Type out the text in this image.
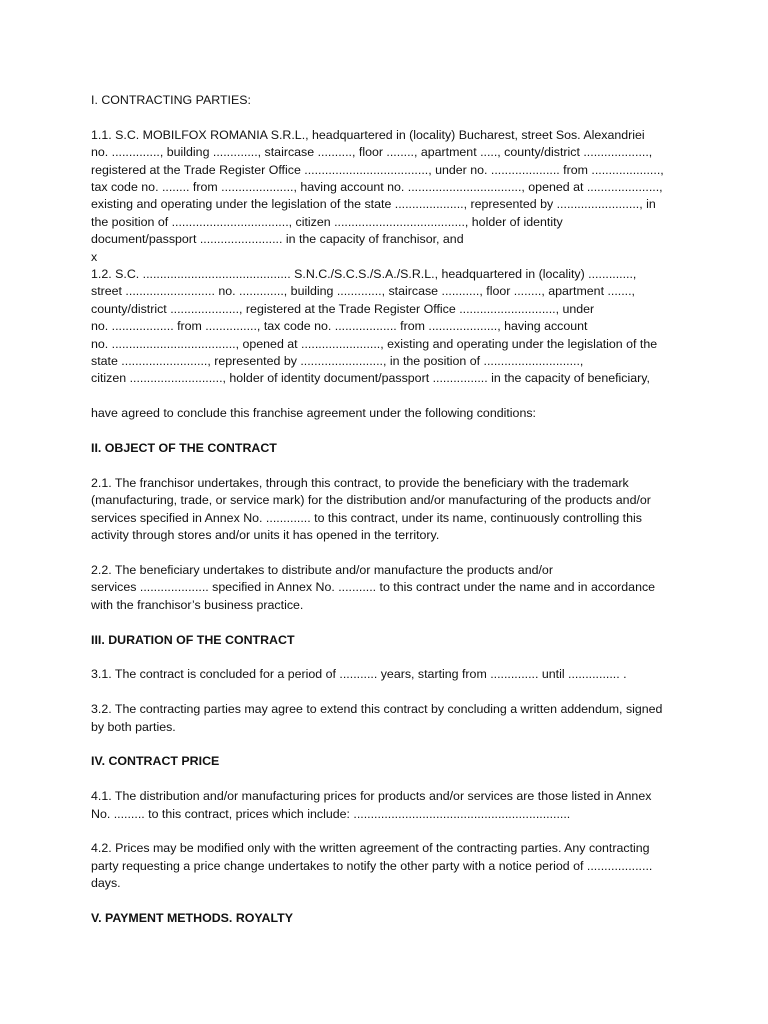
I. CONTRACTING PARTIES:
1.1. S.C. MOBILFOX ROMANIA S.R.L., headquartered in (locality) Bucharest, street Sos. Alexandriei
no. .............., building ............., staircase .........., floor ........, apartment ....., county/district ...................,
registered at the Trade Register Office ...................................., under no. .................... from ....................,
tax code no. ........ from ....................., having account no. ................................., opened at .....................,
existing and operating under the legislation of the state ...................., represented by ........................, in
the position of .................................., citizen ......................................, holder of identity
document/passport ........................ in the capacity of franchisor, and
x
1.2. S.C. ........................................... S.N.C./S.C.S./S.A./S.R.L., headquartered in (locality) .............,
street .......................... no. ............., building ............., staircase ..........., floor ........, apartment .......,
county/district ...................., registered at the Trade Register Office ............................, under
no. .................. from ..............., tax code no. .................. from ...................., having account
no. ...................................., opened at ......................., existing and operating under the legislation of the
state ........................., represented by ........................, in the position of ............................,
citizen ..........................., holder of identity document/passport ................ in the capacity of beneficiary,
have agreed to conclude this franchise agreement under the following conditions:
II. OBJECT OF THE CONTRACT
2.1. The franchisor undertakes, through this contract, to provide the beneficiary with the trademark
(manufacturing, trade, or service mark) for the distribution and/or manufacturing of the products and/or
services specified in Annex No. ............. to this contract, under its name, continuously controlling this
activity through stores and/or units it has opened in the territory.
2.2. The beneficiary undertakes to distribute and/or manufacture the products and/or
services .................... specified in Annex No. ........... to this contract under the name and in accordance
with the franchisor’s business practice.
III. DURATION OF THE CONTRACT
3.1. The contract is concluded for a period of ........... years, starting from .............. until ............... .
3.2. The contracting parties may agree to extend this contract by concluding a written addendum, signed
by both parties.
IV. CONTRACT PRICE
4.1. The distribution and/or manufacturing prices for products and/or services are those listed in Annex
No. ......... to this contract, prices which include: ...............................................................
4.2. Prices may be modified only with the written agreement of the contracting parties. Any contracting
party requesting a price change undertakes to notify the other party with a notice period of ...................
days.
V. PAYMENT METHODS. ROYALTY
